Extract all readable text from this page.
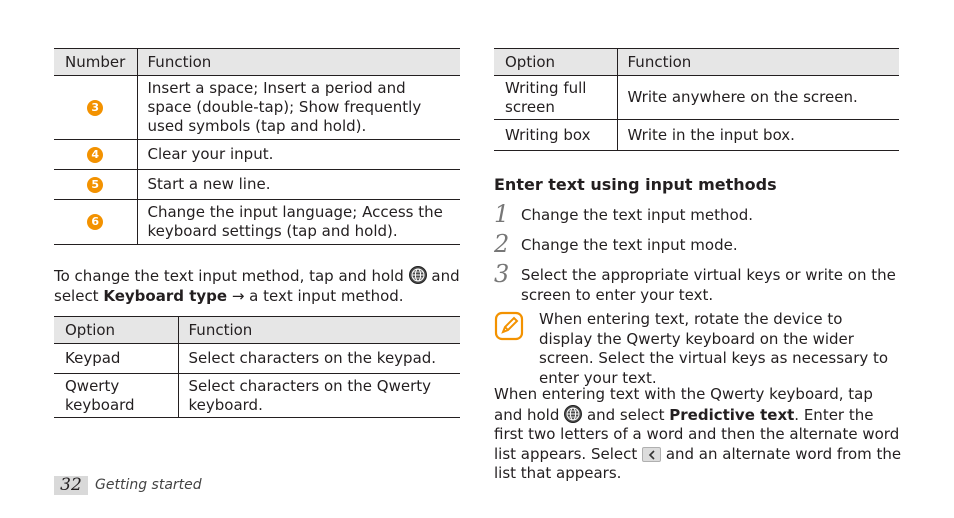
Number	Function
3	Insert a space; Insert a period and space (double-tap); Show frequently used symbols (tap and hold).
4	Clear your input.
5	Start a new line.
6	Change the input language; Access the keyboard settings (tap and hold).
To change the text input method, tap and hold and select Keyboard type → a text input method.
Option	Function
Keypad	Select characters on the keypad.
Qwerty keyboard	Select characters on the Qwerty keyboard.
Option	Function
Writing full screen	Write anywhere on the screen.
Writing box	Write in the input box.
Enter text using input methods
1 Change the text input method.
2 Change the text input mode.
3 Select the appropriate virtual keys or write on the screen to enter your text.
When entering text, rotate the device to display the Qwerty keyboard on the wider screen. Select the virtual keys as necessary to enter your text.
When entering text with the Qwerty keyboard, tap and hold and select Predictive text. Enter the first two letters of a word and then the alternate word list appears. Select and an alternate word from the list that appears.
32 Getting started
